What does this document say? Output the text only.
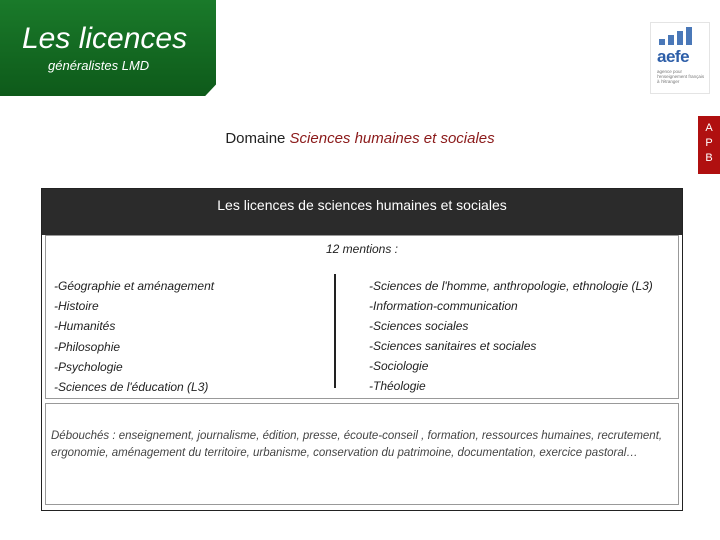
Les licences
généralistes LMD	aefe
agence pour l'enseignement français à l'étranger
A
P
B
Domaine Sciences humaines et sociales
Les licences de sciences humaines et sociales
12 mentions :
-Géographie et aménagement
-Histoire
-Humanités
-Philosophie
-Psychologie
-Sciences de l'éducation (L3)
-Sciences de l'homme, anthropologie, ethnologie (L3)
-Information-communication
-Sciences sociales
-Sciences sanitaires et sociales
-Sociologie
-Théologie
Débouchés : enseignement, journalisme, édition, presse, écoute-conseil , formation, ressources humaines, recrutement, ergonomie, aménagement du territoire, urbanisme, conservation du patrimoine, documentation, exercice pastoral…
